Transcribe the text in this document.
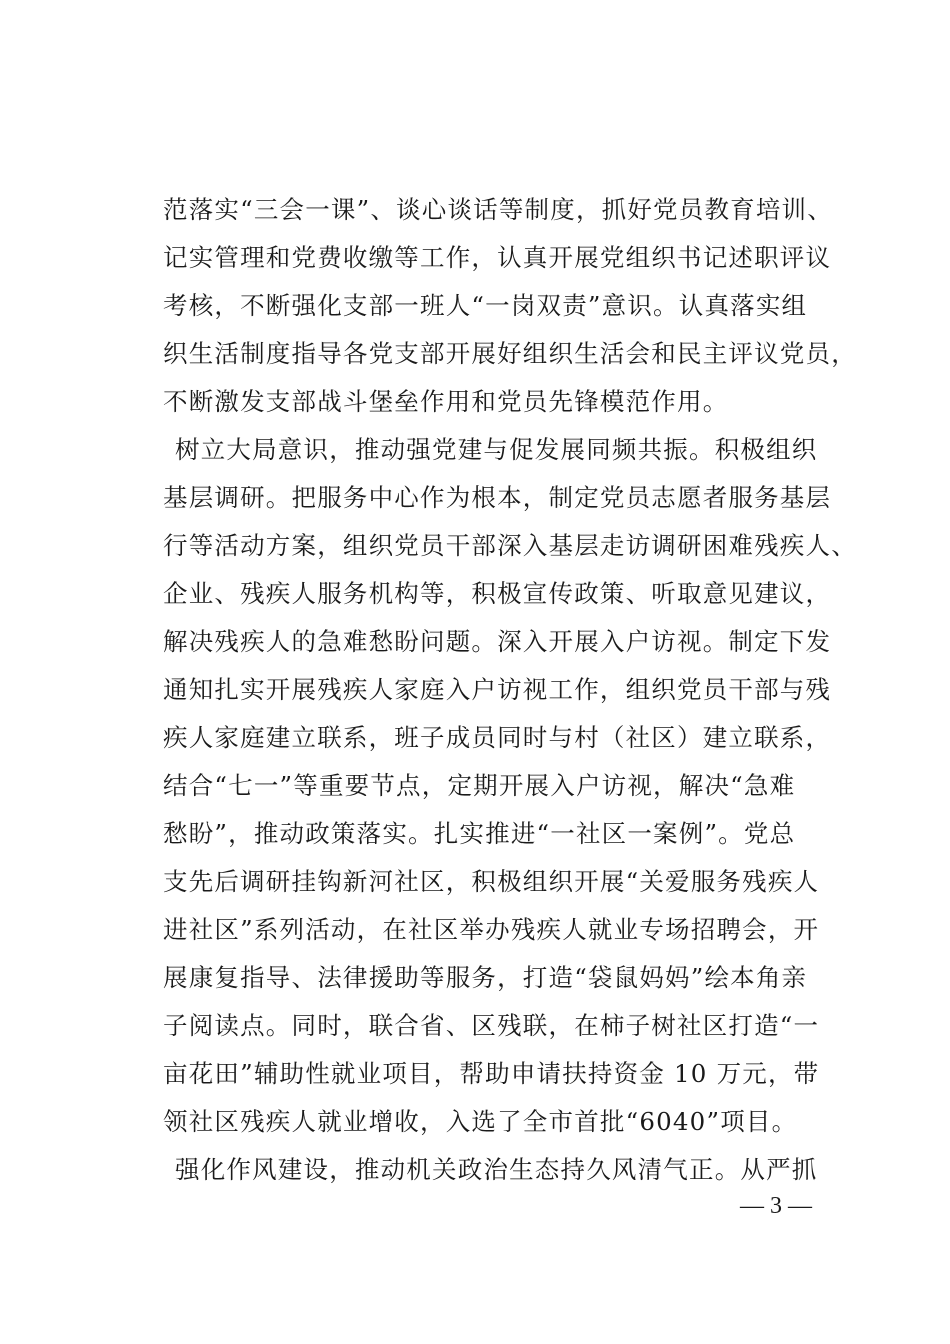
范落实“三会一课”、谈心谈话等制度，抓好党员教育培训、
记实管理和党费收缴等工作，认真开展党组织书记述职评议
考核，不断强化支部一班人“一岗双责”意识。认真落实组
织生活制度指导各党支部开展好组织生活会和民主评议党员，
不断激发支部战斗堡垒作用和党员先锋模范作用。
树立大局意识，推动强党建与促发展同频共振。积极组织
基层调研。把服务中心作为根本，制定党员志愿者服务基层
行等活动方案，组织党员干部深入基层走访调研困难残疾人、
企业、残疾人服务机构等，积极宣传政策、听取意见建议，
解决残疾人的急难愁盼问题。深入开展入户访视。制定下发
通知扎实开展残疾人家庭入户访视工作，组织党员干部与残
疾人家庭建立联系，班子成员同时与村（社区）建立联系，
结合“七一”等重要节点，定期开展入户访视，解决“急难
愁盼”，推动政策落实。扎实推进“一社区一案例”。党总
支先后调研挂钩新河社区，积极组织开展“关爱服务残疾人
进社区”系列活动，在社区举办残疾人就业专场招聘会，开
展康复指导、法律援助等服务，打造“袋鼠妈妈”绘本角亲
子阅读点。同时，联合省、区残联，在柿子树社区打造“一
亩花田”辅助性就业项目，帮助申请扶持资金 10 万元，带
领社区残疾人就业增收，入选了全市首批“6040”项目。
强化作风建设，推动机关政治生态持久风清气正。从严抓
— 3 —
